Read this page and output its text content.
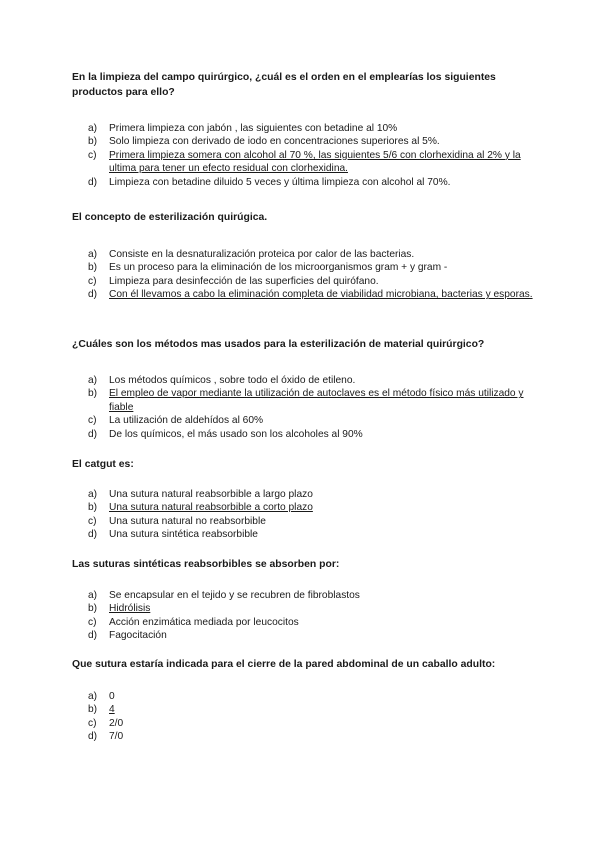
En la limpieza del campo quirúrgico, ¿cuál es el orden en el emplearías los siguientes productos para ello?
a) Primera limpieza con jabón , las siguientes con betadine al 10%
b) Solo limpieza con derivado de iodo en concentraciones superiores al 5%.
c) Primera limpieza somera con alcohol al 70 %, las siguientes 5/6 con clorhexidina al 2% y la ultima para tener un efecto residual con clorhexidina.
d) Limpieza con betadine diluido 5 veces y última limpieza con alcohol al 70%.
El concepto de esterilización quirúgica.
a) Consiste en la desnaturalización proteica por calor de las bacterias.
b) Es un proceso para la eliminación de los microorganismos gram + y gram -
c) Limpieza para desinfección de las superficies del quirófano.
d) Con él llevamos a cabo la eliminación completa de viabilidad microbiana, bacterias y esporas.
¿Cuáles son los métodos mas usados para la esterilización de material quirúrgico?
a) Los métodos químicos , sobre todo el óxido de etileno.
b) El empleo de vapor mediante la utilización de autoclaves es el método físico más utilizado y fiable
c) La utilización de aldehídos al 60%
d) De los químicos, el más usado son los alcoholes al 90%
El catgut es:
a) Una sutura natural reabsorbible a largo plazo
b) Una sutura natural reabsorbible a corto plazo
c) Una sutura natural no reabsorbible
d) Una sutura sintética reabsorbible
Las suturas sintéticas reabsorbibles se absorben por:
a) Se encapsular en el tejido y se recubren de fibroblastos
b) Hidrólisis
c) Acción enzimática mediada por leucocitos
d) Fagocitación
Que sutura estaría indicada para el cierre de la pared abdominal de un caballo adulto:
a) 0
b) 4
c) 2/0
d) 7/0
